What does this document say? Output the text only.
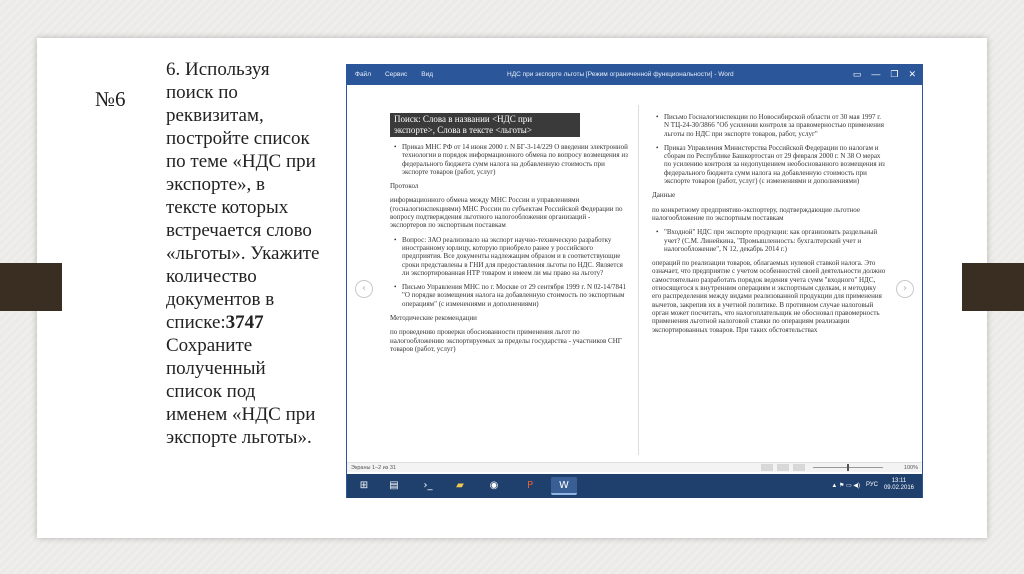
№6
6. Используя
поиск по
реквизитам,
постройте список
по теме «НДС при
экспорте», в
тексте которых
встречается слово
«льготы». Укажите
количество
документов в
списке:3747
Сохраните
полученный
список под
именем «НДС при
экспорте льготы».
Файл Сервис Вид	НДС при экспорте льготы [Режим ограниченной функциональности] - Word	▭ — ❐ ✕
‹	›
Поиск: Слова в названии <НДС при
экспорте>, Слова в тексте <льготы>
• Приказ МНС РФ от 14 июня 2000 г. N БГ-3-14/229 О введении электронной технологии в порядок информационного обмена по вопросу возмещения из федерального бюджета сумм налога на добавленную стоимость при экспорте товаров (работ, услуг)
Протокол
информационного обмена между МНС России и управлениями (госналогинспекциями) МНС России по субъектам Российской Федерации по вопросу подтверждения льготного налогообложения организаций - экспортеров по экспортным поставкам
• Вопрос: ЗАО реализовало на экспорт научно-техническую разработку иностранному юрлицу, которую приобрело ранее у российского предприятия. Все документы надлежащим образом и в соответствующие сроки представлены в ГНИ для предоставления льготы по НДС. Является ли экспортированная НТР товаром и имеем ли мы право на льготу?
• Письмо Управления МНС по г. Москве от 29 сентября 1999 г. N 02-14/7841 "О порядке возмещения налога на добавленную стоимость по экспортным операциям" (с изменениями и дополнениями)
Методические рекомендации
по проведению проверки обоснованности применения льгот по налогообложению экспортируемых за пределы государства - участников СНГ товаров (работ, услуг)
• Письмо Госналогинспекции по Новосибирской области от 30 мая 1997 г. N ТЦ-24-30/3866 "Об усилении контроля за правомерностью применения льготы по НДС при экспорте товаров, работ, услуг"
• Приказ Управления Министерства Российской Федерации по налогам и сборам по Республике Башкортостан от 29 февраля 2000 г. N 38 О мерах по усилению контроля за недопущением необоснованного возмещения из федерального бюджета сумм налога на добавленную стоимость при экспорте товаров (работ, услуг) (с изменениями и дополнениями)
Данные
по конкретному предприятию-экспортеру, подтверждающие льготное налогообложение по экспортным поставкам
• "Входной" НДС при экспорте продукции: как организовать раздельный учет? (С.М. Линейкина, "Промышленность: бухгалтерский учет и налогообложение", N 12, декабрь 2014 г.)
операций по реализации товаров, облагаемых нулевой ставкой налога. Это означает, что предприятие с учетом особенностей своей деятельности должно самостоятельно разработать порядок ведения учета сумм "входного" НДС, относящегося к внутренним операциям и экспортным сделкам, и методику его распределения между видами реализованной продукции для применения вычетов, закрепив их в учетной политике. В противном случае налоговый орган может посчитать, что налогоплательщик не обосновал правомерность применения льготной налоговой ставки по операциям реализации экспортированных товаров. При таких обстоятельствах
Экраны 1–2 из 31	100%
⊞	▤	›_	▰	◉	P	W	▲ ⚑ ▭ ◀) РУС
13:11
09.02.2016
